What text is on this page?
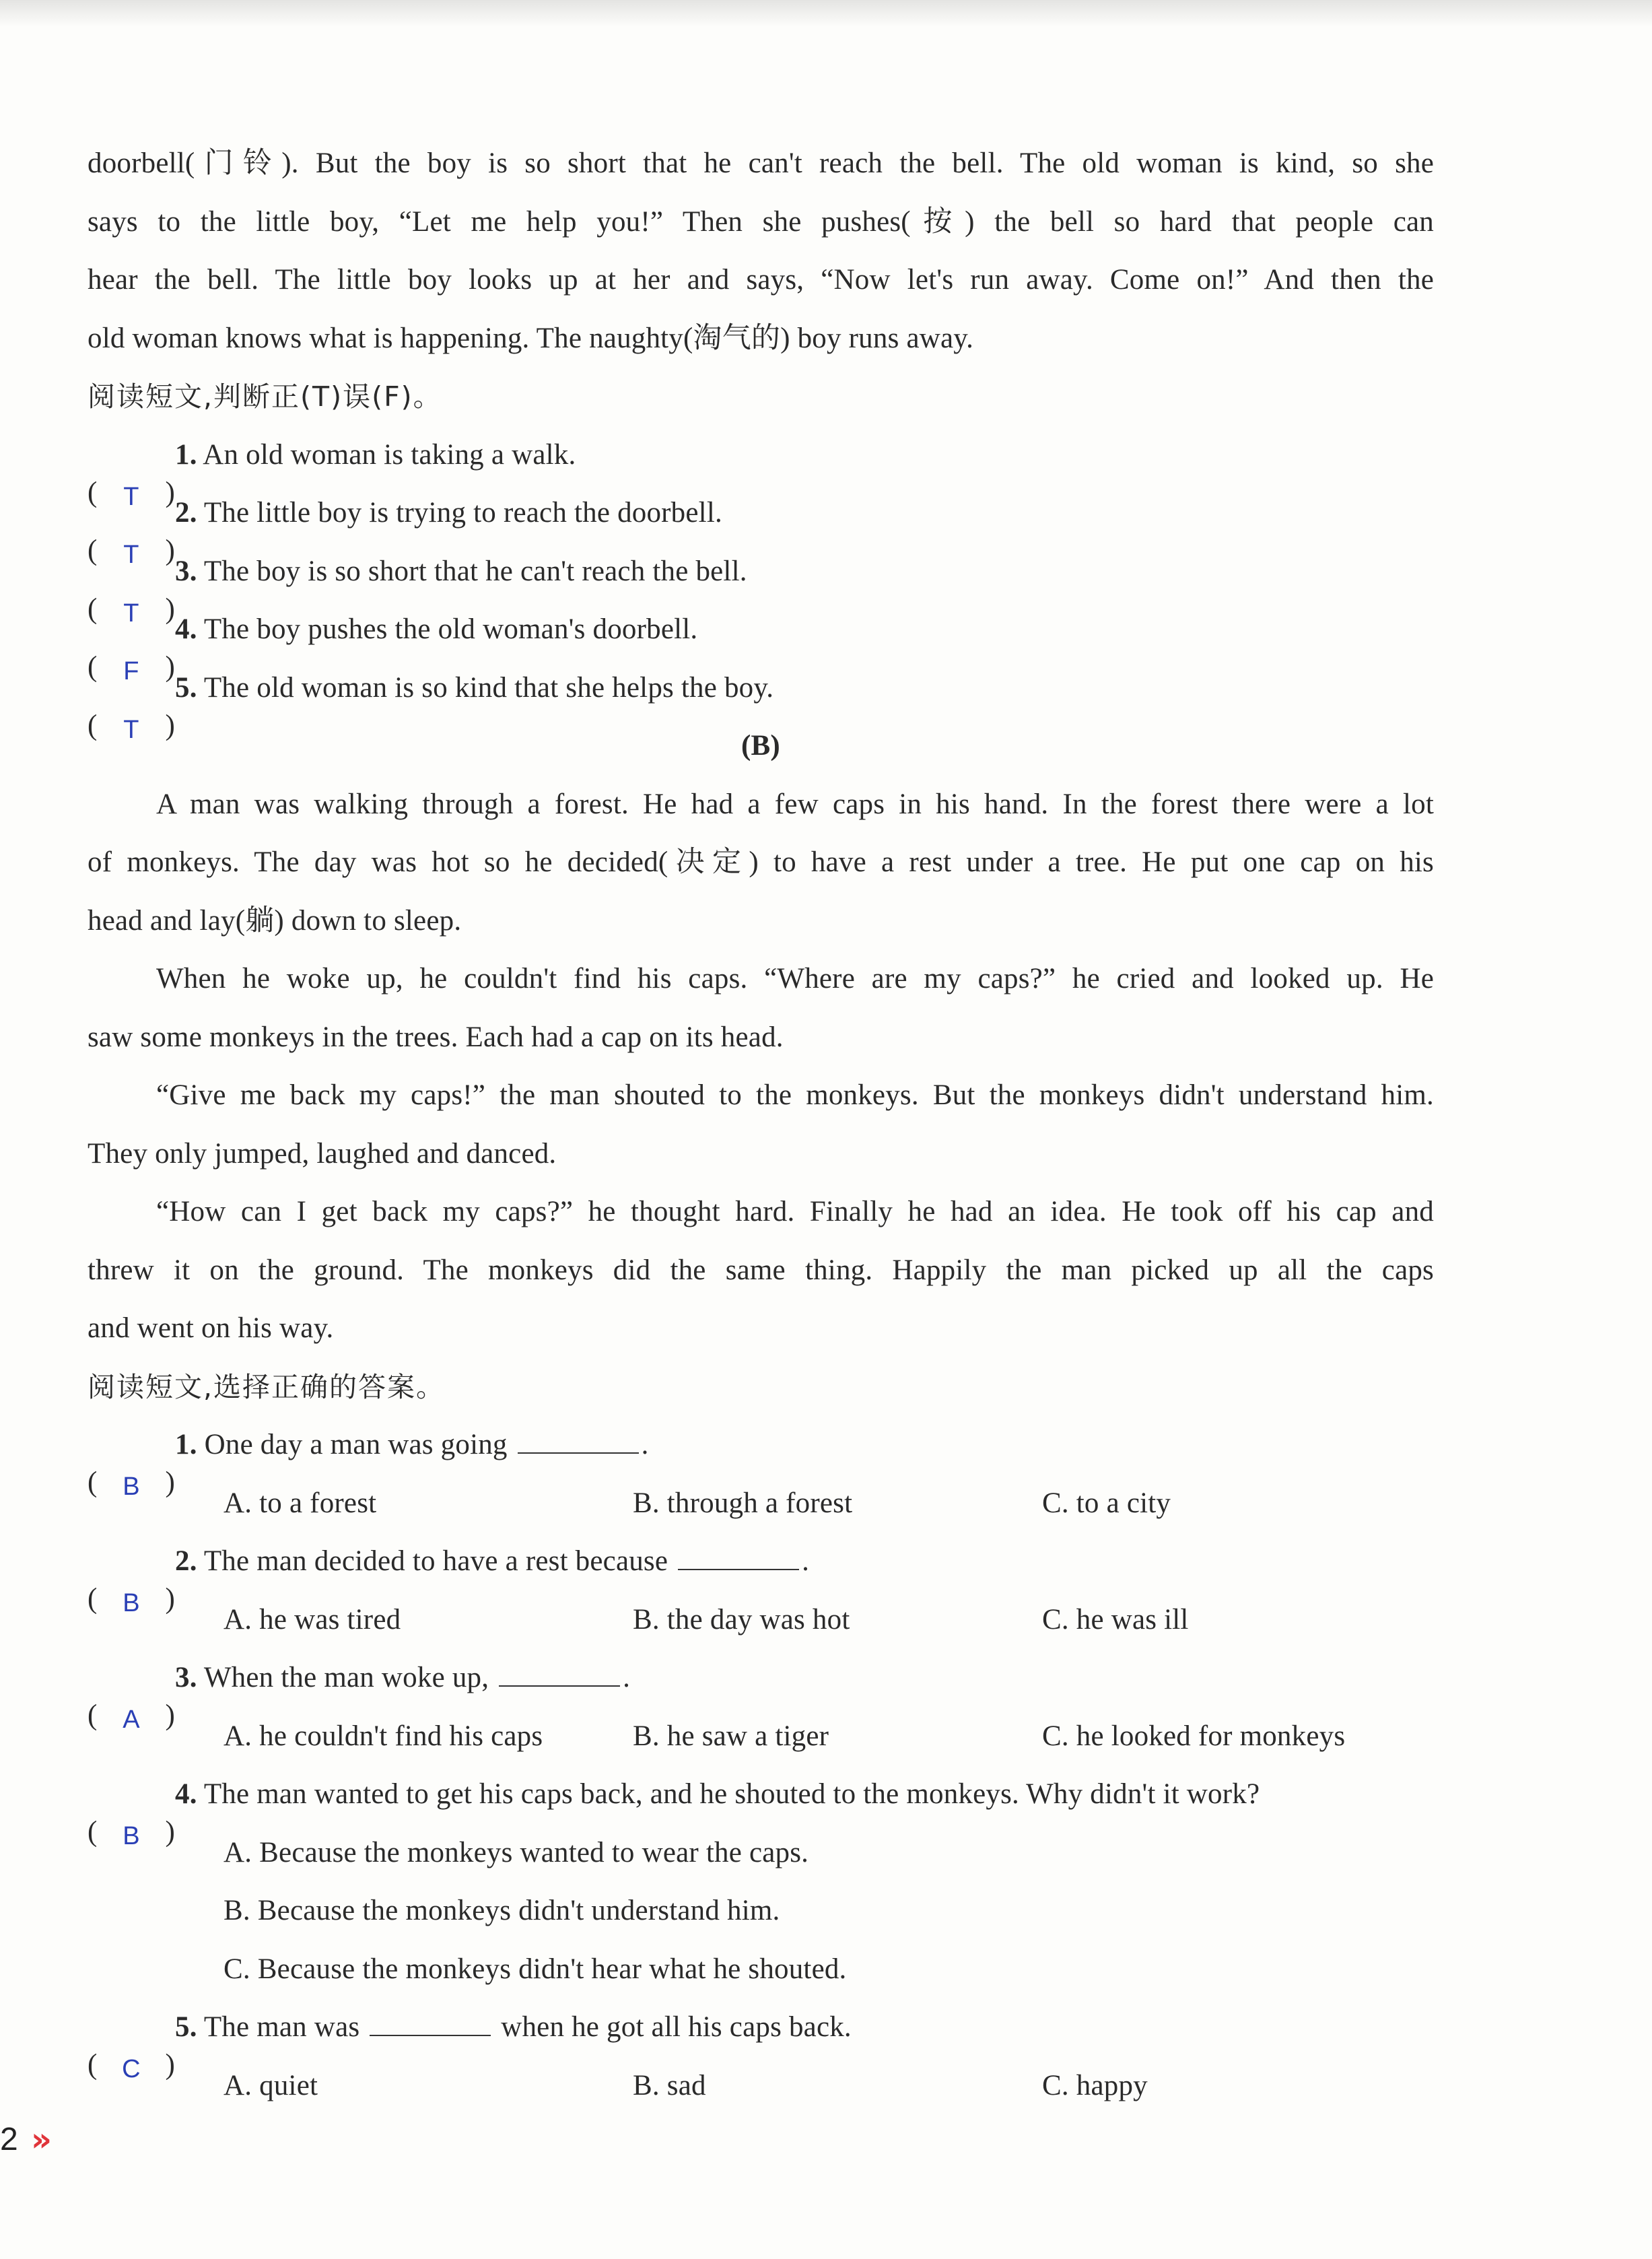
doorbell(门铃). But the boy is so short that he can't reach the bell. The old woman is kind, so she
says to the little boy, “Let me help you!” Then she pushes(按) the bell so hard that people can
hear the bell. The little boy looks up at her and says, “Now let's run away. Come on!” And then the
old woman knows what is happening. The naughty(淘气的) boy runs away.
阅读短文,判断正(T)误(F)。
(	T )
1. An old woman is taking a walk.
(	T )
2. The little boy is trying to reach the doorbell.
(	T )
3. The boy is so short that he can't reach the bell.
(	F )
4. The boy pushes the old woman's doorbell.
(	T )
5. The old woman is so kind that she helps the boy.
(B)
A man was walking through a forest. He had a few caps in his hand. In the forest there were a lot
of monkeys. The day was hot so he decided(决定) to have a rest under a tree. He put one cap on his
head and lay(躺) down to sleep.
When he woke up, he couldn't find his caps. “Where are my caps?” he cried and looked up. He
saw some monkeys in the trees. Each had a cap on its head.
“Give me back my caps!” the man shouted to the monkeys. But the monkeys didn't understand him.
They only jumped, laughed and danced.
“How can I get back my caps?” he thought hard. Finally he had an idea. He took off his cap and
threw it on the ground. The monkeys did the same thing. Happily the man picked up all the caps
and went on his way.
阅读短文,选择正确的答案。
( B )
1. One day a man was going	.
A. to a forest	B. through a forest	C. to a city
( B )
2. The man decided to have a rest because	.
A. he was tired	B. the day was hot	C. he was ill
( A )
3. When the man woke up,	.
A. he couldn't find his caps	B. he saw a tiger	C. he looked for monkeys
( B )
4. The man wanted to get his caps back, and he shouted to the monkeys. Why didn't it work?
A. Because the monkeys wanted to wear the caps.
B. Because the monkeys didn't understand him.
C. Because the monkeys didn't hear what he shouted.
( C )
5. The man was	when he got all his caps back.
A. quiet	B. sad	C. happy
2 »
